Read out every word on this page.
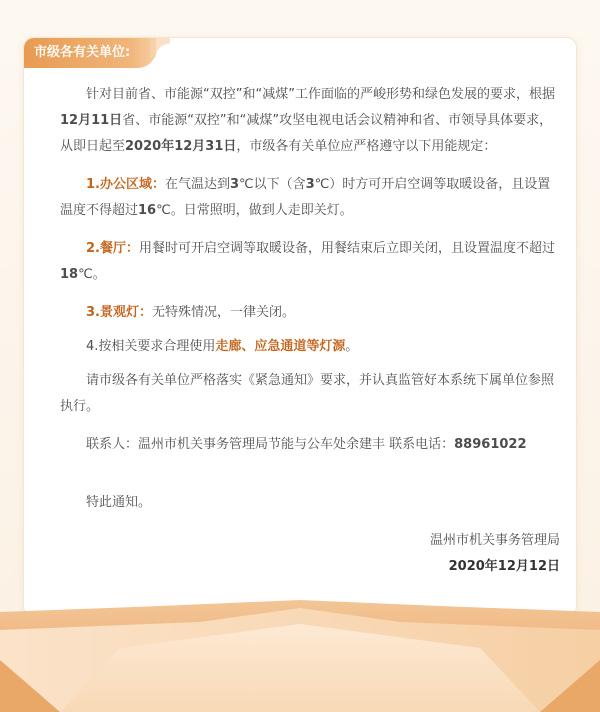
市级各有关单位:

针对目前省、市能源“双控”和“减煤”工作面临的严峻形势和绿色发展的要求，根据12月11日省、市能源“双控”和“减煤”攻坚电视电话会议精神和省、市领导具体要求，从即日起至2020年12月31日，市级各有关单位应严格遵守以下用能规定：

1.办公区域：在气温达到3℃以下（含3℃）时方可开启空调等取暖设备，且设置温度不得超过16℃。日常照明，做到人走即关灯。

2.餐厅：用餐时可开启空调等取暖设备，用餐结束后立即关闭，且设置温度不超过18℃。

3.景观灯：无特殊情况，一律关闭。

4.按相关要求合理使用走廊、应急通道等灯源。

请市级各有关单位严格落实《紧急通知》要求，并认真监管好本系统下属单位参照执行。

联系人：温州市机关事务管理局节能与公车处余建丰 联系电话：88961022

特此通知。

温州市机关事务管理局

2020年12月12日
